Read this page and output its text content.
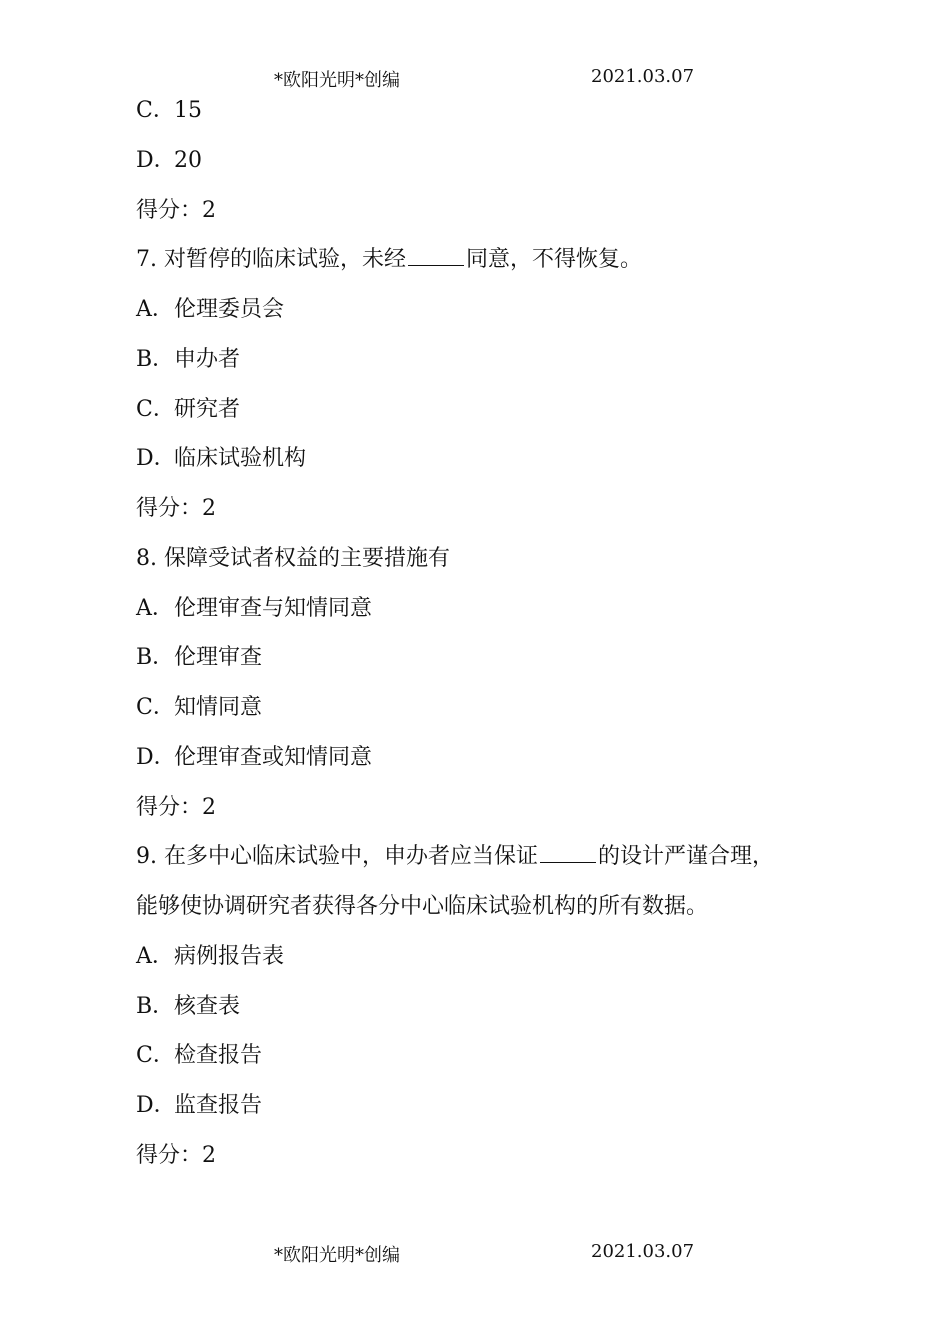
*欧阳光明*创编	2021.03.07
C．15
D．20
得分：2
7. 对暂停的临床试验，未经	同意，不得恢复。
A．伦理委员会
B．申办者
C．研究者
D．临床试验机构
得分：2
8. 保障受试者权益的主要措施有
A．伦理审查与知情同意
B．伦理审查
C．知情同意
D．伦理审查或知情同意
得分：2
9. 在多中心临床试验中，申办者应当保证	的设计严谨合理，
能够使协调研究者获得各分中心临床试验机构的所有数据。
A．病例报告表
B．核查表
C．检查报告
D．监查报告
得分：2
*欧阳光明*创编	2021.03.07
